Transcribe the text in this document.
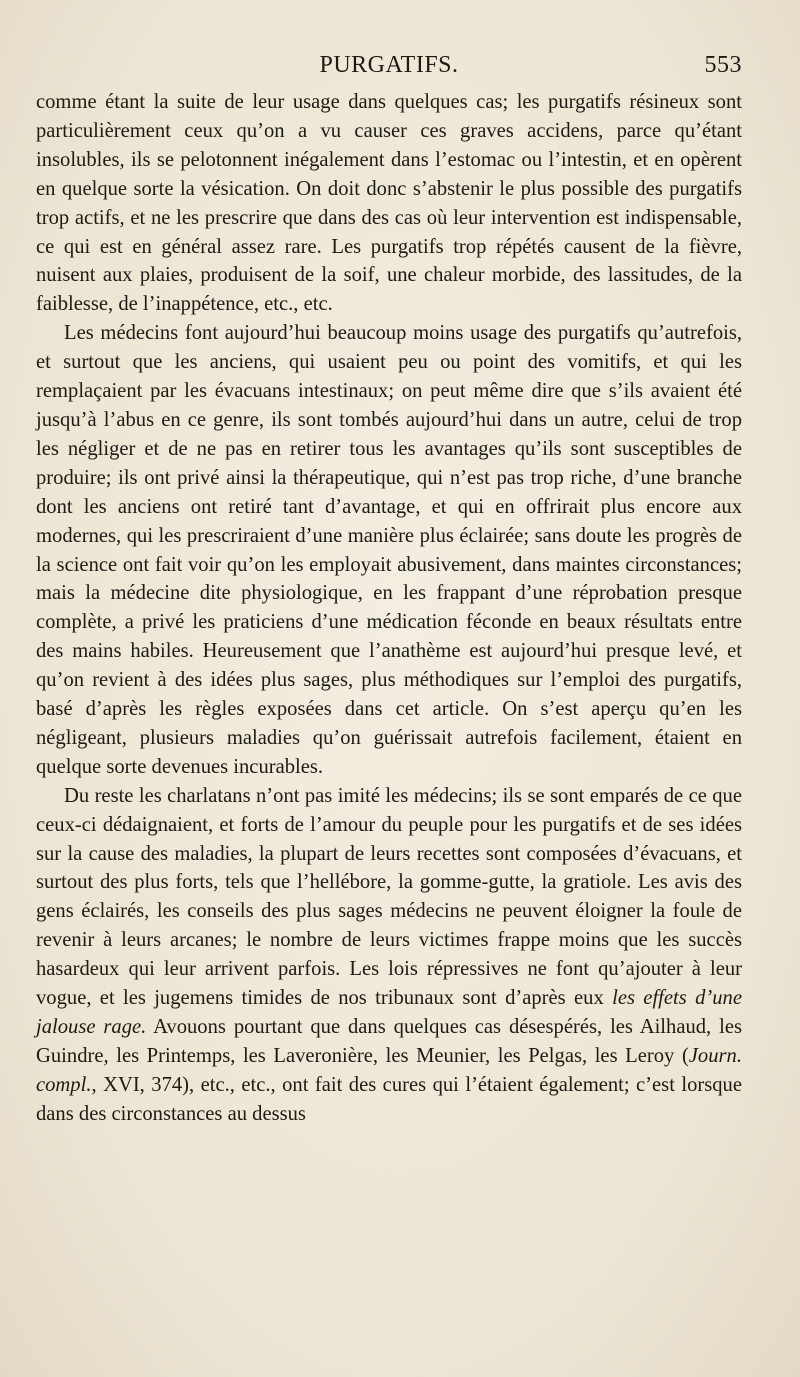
PURGATIFS.	553

comme étant la suite de leur usage dans quelques cas; les purgatifs résineux sont particulièrement ceux qu’on a vu causer ces graves accidens, parce qu’étant insolubles, ils se pelotonnent inégalement dans l’estomac ou l’intestin, et en opèrent en quelque sorte la vésication. On doit donc s’abstenir le plus possible des purgatifs trop actifs, et ne les prescrire que dans des cas où leur intervention est indispensable, ce qui est en général assez rare. Les purgatifs trop répétés causent de la fièvre, nuisent aux plaies, produisent de la soif, une chaleur morbide, des lassitudes, de la faiblesse, de l’inappétence, etc., etc.

Les médecins font aujourd’hui beaucoup moins usage des purgatifs qu’autrefois, et surtout que les anciens, qui usaient peu ou point des vomitifs, et qui les remplaçaient par les évacuans intestinaux; on peut même dire que s’ils avaient été jusqu’à l’abus en ce genre, ils sont tombés aujourd’hui dans un autre, celui de trop les négliger et de ne pas en retirer tous les avantages qu’ils sont susceptibles de produire; ils ont privé ainsi la thérapeutique, qui n’est pas trop riche, d’une branche dont les anciens ont retiré tant d’avantage, et qui en offrirait plus encore aux modernes, qui les prescriraient d’une manière plus éclairée; sans doute les progrès de la science ont fait voir qu’on les employait abusivement, dans maintes circonstances; mais la médecine dite physiologique, en les frappant d’une réprobation presque complète, a privé les praticiens d’une médication féconde en beaux résultats entre des mains habiles. Heureusement que l’anathème est aujourd’hui presque levé, et qu’on revient à des idées plus sages, plus méthodiques sur l’emploi des purgatifs, basé d’après les règles exposées dans cet article. On s’est aperçu qu’en les négligeant, plusieurs maladies qu’on guérissait autrefois facilement, étaient en quelque sorte devenues incurables.

Du reste les charlatans n’ont pas imité les médecins; ils se sont emparés de ce que ceux-ci dédaignaient, et forts de l’amour du peuple pour les purgatifs et de ses idées sur la cause des maladies, la plupart de leurs recettes sont composées d’évacuans, et surtout des plus forts, tels que l’hellébore, la gomme-gutte, la gratiole. Les avis des gens éclairés, les conseils des plus sages médecins ne peuvent éloigner la foule de revenir à leurs arcanes; le nombre de leurs victimes frappe moins que les succès hasardeux qui leur arrivent parfois. Les lois répressives ne font qu’ajouter à leur vogue, et les jugemens timides de nos tribunaux sont d’après eux les effets d’une jalouse rage. Avouons pourtant que dans quelques cas désespérés, les Ailhaud, les Guindre, les Printemps, les Laveronière, les Meunier, les Pelgas, les Leroy (Journ. compl., XVI, 374), etc., etc., ont fait des cures qui l’étaient également; c’est lorsque dans des circonstances au dessus
